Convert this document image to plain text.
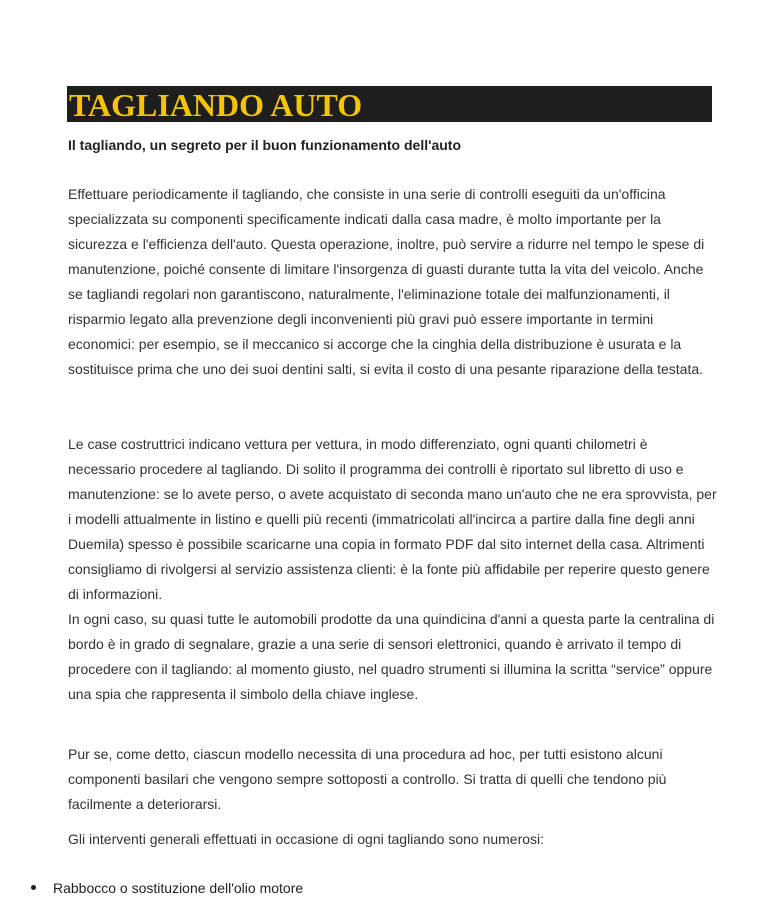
TAGLIANDO AUTO

Il tagliando, un segreto per il buon funzionamento dell'auto

Effettuare periodicamente il tagliando, che consiste in una serie di controlli eseguiti da un'officina specializzata su componenti specificamente indicati dalla casa madre, è molto importante per la sicurezza e l'efficienza dell'auto. Questa operazione, inoltre, può servire a ridurre nel tempo le spese di manutenzione, poiché consente di limitare l'insorgenza di guasti durante tutta la vita del veicolo. Anche se tagliandi regolari non garantiscono, naturalmente, l'eliminazione totale dei malfunzionamenti, il risparmio legato alla prevenzione degli inconvenienti più gravi può essere importante in termini economici: per esempio, se il meccanico si accorge che la cinghia della distribuzione è usurata e la sostituisce prima che uno dei suoi dentini salti, si evita il costo di una pesante riparazione della testata.

Le case costruttrici indicano vettura per vettura, in modo differenziato, ogni quanti chilometri è necessario procedere al tagliando. Di solito il programma dei controlli è riportato sul libretto di uso e manutenzione: se lo avete perso, o avete acquistato di seconda mano un'auto che ne era sprovvista, per i modelli attualmente in listino e quelli più recenti (immatricolati all'incirca a partire dalla fine degli anni Duemila) spesso è possibile scaricarne una copia in formato PDF dal sito internet della casa. Altrimenti consigliamo di rivolgersi al servizio assistenza clienti: è la fonte più affidabile per reperire questo genere di informazioni.

In ogni caso, su quasi tutte le automobili prodotte da una quindicina d'anni a questa parte la centralina di bordo è in grado di segnalare, grazie a una serie di sensori elettronici, quando è arrivato il tempo di procedere con il tagliando: al momento giusto, nel quadro strumenti si illumina la scritta “service” oppure una spia che rappresenta il simbolo della chiave inglese.

Pur se, come detto, ciascun modello necessita di una procedura ad hoc, per tutti esistono alcuni componenti basilari che vengono sempre sottoposti a controllo. Si tratta di quelli che tendono più facilmente a deteriorarsi.

Gli interventi generali effettuati in occasione di ogni tagliando sono numerosi:

Rabbocco o sostituzione dell'olio motore
